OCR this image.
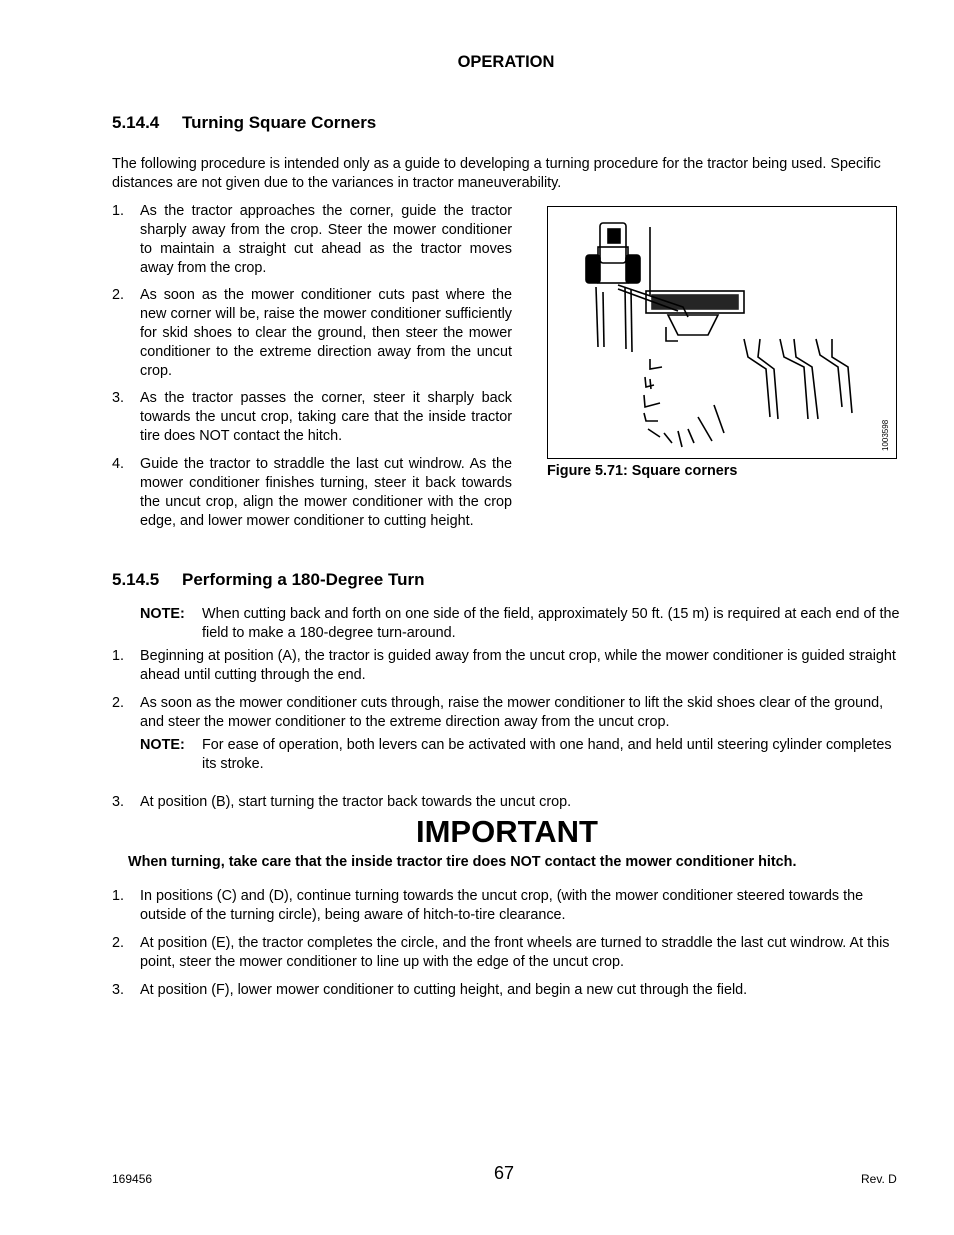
OPERATION
5.14.4 Turning Square Corners

The following procedure is intended only as a guide to developing a turning procedure for the tractor being used. Specific distances are not given due to the variances in tractor maneuverability.

1. As the tractor approaches the corner, guide the tractor sharply away from the crop. Steer the mower conditioner to maintain a straight cut ahead as the tractor moves away from the crop.

2. As soon as the mower conditioner cuts past where the new corner will be, raise the mower conditioner sufficiently for skid shoes to clear the ground, then steer the mower conditioner to the extreme direction away from the uncut crop.

3. As the tractor passes the corner, steer it sharply back towards the uncut crop, taking care that the inside tractor tire does NOT contact the hitch.

4. Guide the tractor to straddle the last cut windrow. As the mower conditioner finishes turning, steer it back towards the uncut crop, align the mower conditioner with the crop edge, and lower mower conditioner to cutting height.

1003598
Figure 5.71: Square corners
5.14.5 Performing a 180-Degree Turn
NOTE: When cutting back and forth on one side of the field, approximately 50 ft. (15 m) is required at each end of the field to make a 180-degree turn-around.

1. Beginning at position (A), the tractor is guided away from the uncut crop, while the mower conditioner is guided straight ahead until cutting through the end.

2. As soon as the mower conditioner cuts through, raise the mower conditioner to lift the skid shoes clear of the ground, and steer the mower conditioner to the extreme direction away from the uncut crop.

NOTE: For ease of operation, both levers can be activated with one hand, and held until steering cylinder completes its stroke.

3. At position (B), start turning the tractor back towards the uncut crop.

IMPORTANT
When turning, take care that the inside tractor tire does NOT contact the mower conditioner hitch.
1. In positions (C) and (D), continue turning towards the uncut crop, (with the mower conditioner steered towards the outside of the turning circle), being aware of hitch-to-tire clearance.

2. At position (E), the tractor completes the circle, and the front wheels are turned to straddle the last cut windrow. At this point, steer the mower conditioner to line up with the edge of the uncut crop.

3. At position (F), lower mower conditioner to cutting height, and begin a new cut through the field.

169456	67	Rev. D
